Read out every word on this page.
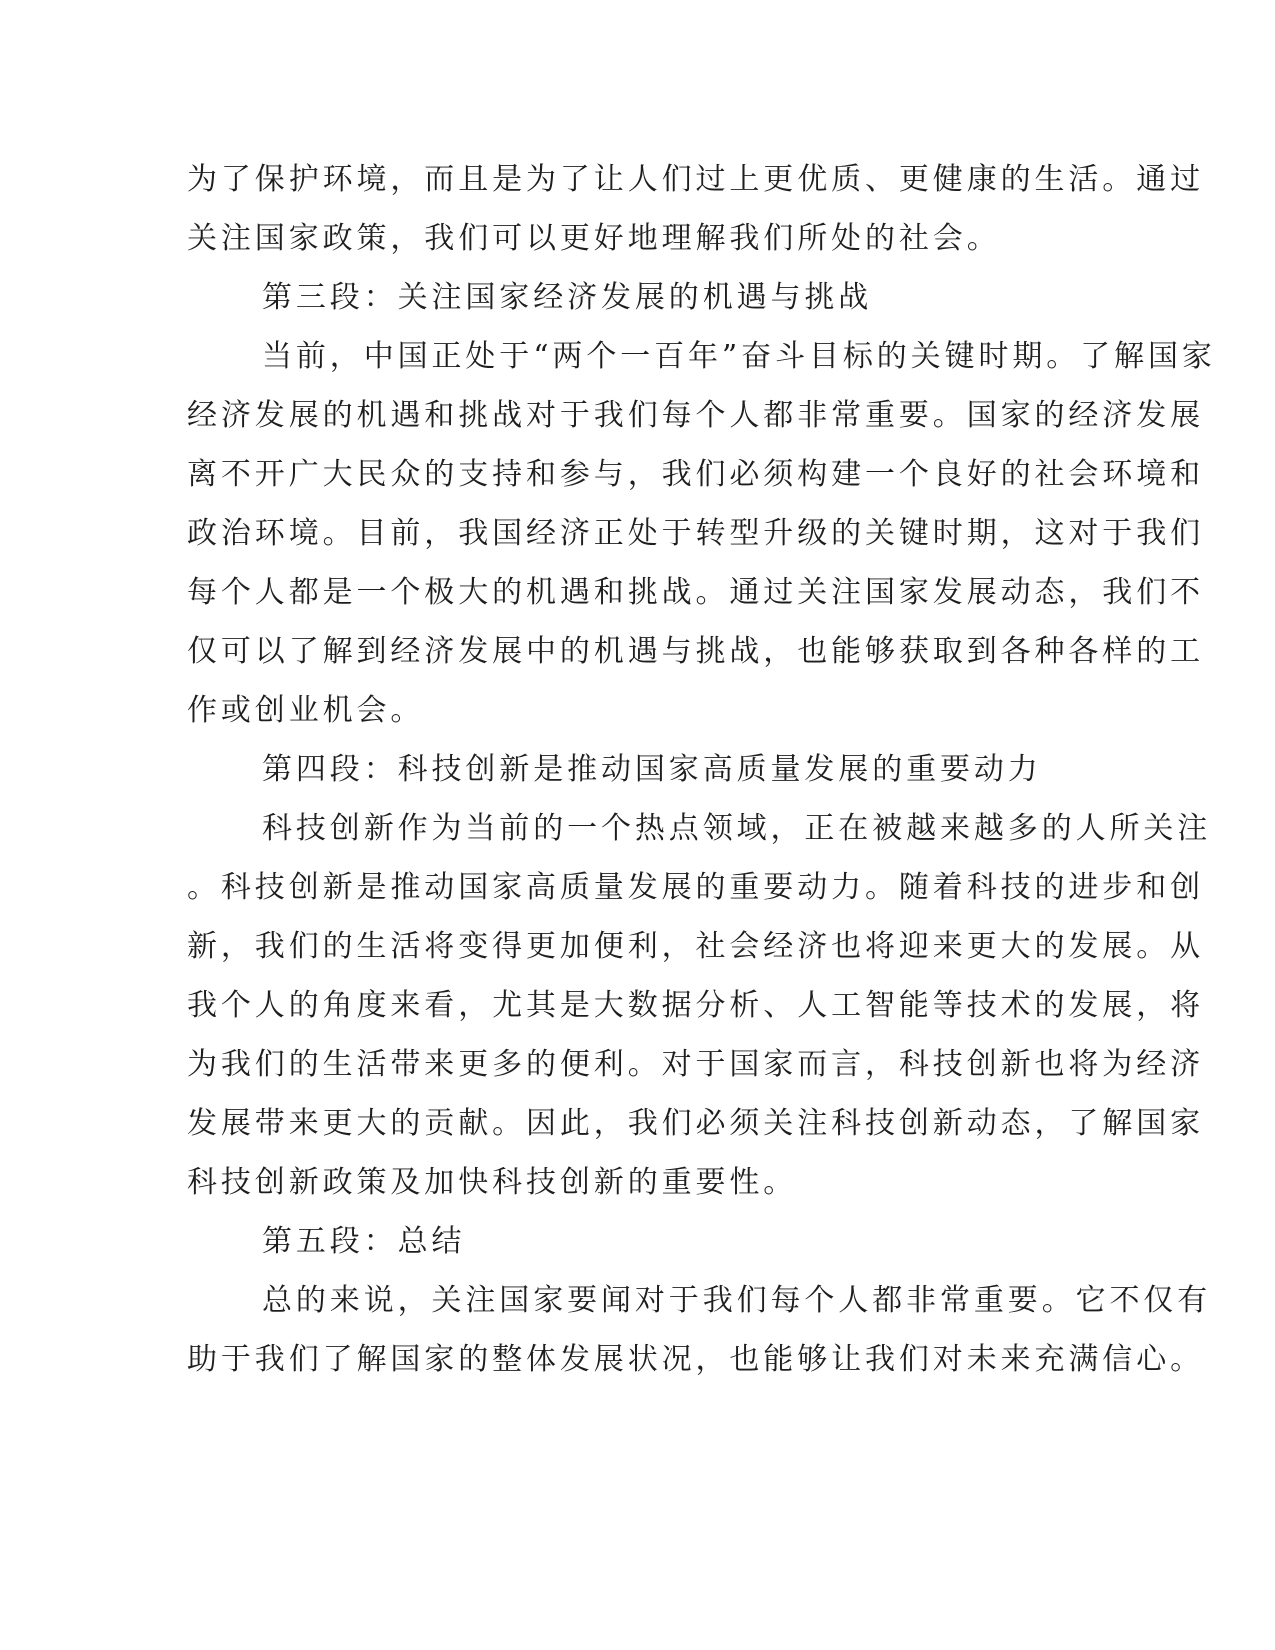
为了保护环境，而且是为了让人们过上更优质、更健康的生活。通过
关注国家政策，我们可以更好地理解我们所处的社会。
第三段：关注国家经济发展的机遇与挑战
当前，中国正处于“两个一百年”奋斗目标的关键时期。了解国家
经济发展的机遇和挑战对于我们每个人都非常重要。国家的经济发展
离不开广大民众的支持和参与，我们必须构建一个良好的社会环境和
政治环境。目前，我国经济正处于转型升级的关键时期，这对于我们
每个人都是一个极大的机遇和挑战。通过关注国家发展动态，我们不
仅可以了解到经济发展中的机遇与挑战，也能够获取到各种各样的工
作或创业机会。
第四段：科技创新是推动国家高质量发展的重要动力
科技创新作为当前的一个热点领域，正在被越来越多的人所关注
。科技创新是推动国家高质量发展的重要动力。随着科技的进步和创
新，我们的生活将变得更加便利，社会经济也将迎来更大的发展。从
我个人的角度来看，尤其是大数据分析、人工智能等技术的发展，将
为我们的生活带来更多的便利。对于国家而言，科技创新也将为经济
发展带来更大的贡献。因此，我们必须关注科技创新动态，了解国家
科技创新政策及加快科技创新的重要性。
第五段：总结
总的来说，关注国家要闻对于我们每个人都非常重要。它不仅有
助于我们了解国家的整体发展状况，也能够让我们对未来充满信心。
